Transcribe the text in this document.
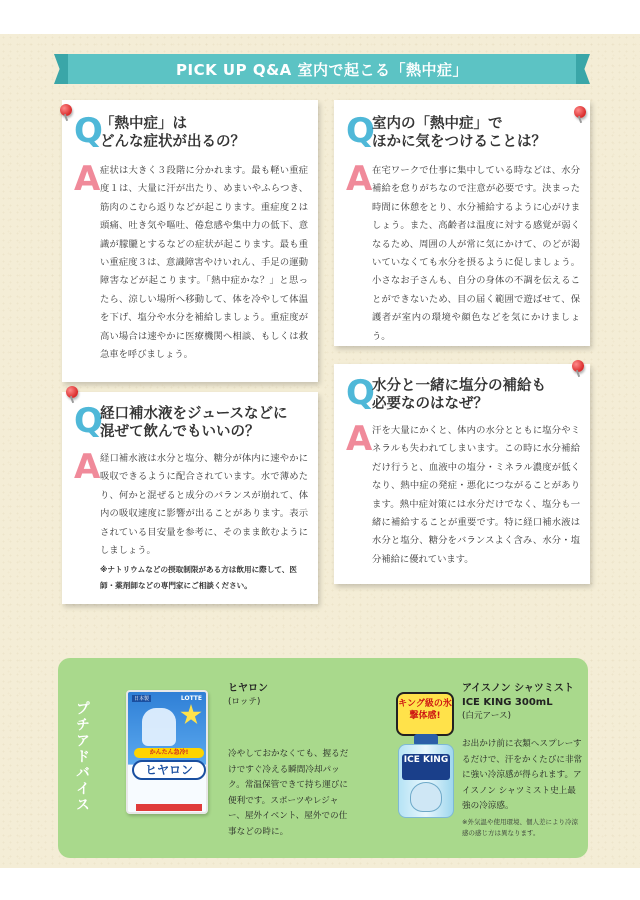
PICK UP Q&A 室内で起こる「熱中症」
Q
「熱中症」は
どんな症状が出るの？
A 症状は大きく３段階に分かれます。最も軽い重症度１は、大量に汗が出たり、めまいやふらつき、筋肉のこむら返りなどが起こります。重症度２は頭痛、吐き気や嘔吐、倦怠感や集中力の低下、意識が朦朧とするなどの症状が起こります。最も重い重症度３は、意識障害やけいれん、手足の運動障害などが起こります。「熱中症かな？」と思ったら、涼しい場所へ移動して、体を冷やして体温を下げ、塩分や水分を補給しましょう。重症度が高い場合は速やかに医療機関へ相談、もしくは救急車を呼びましょう。

Q
室内の「熱中症」で
ほかに気をつけることは？
A 在宅ワークで仕事に集中している時などは、水分補給を怠りがちなので注意が必要です。決まった時間に休憩をとり、水分補給するように心がけましょう。また、高齢者は温度に対する感覚が弱くなるため、周囲の人が常に気にかけて、のどが渇いていなくても水分を摂るように促しましょう。小さなお子さんも、自分の身体の不調を伝えることができないため、目の届く範囲で遊ばせて、保護者が室内の環境や顔色などを気にかけましょう。

Q
経口補水液をジュースなどに
混ぜて飲んでもいいの？
A 経口補水液は水分と塩分、糖分が体内に速やかに吸収できるように配合されています。水で薄めたり、何かと混ぜると成分のバランスが崩れて、体内の吸収速度に影響が出ることがあります。表示されている目安量を参考に、そのまま飲むようにしましょう。

※ナトリウムなどの摂取制限がある方は飲用に際して、医師・薬剤師などの専門家にご相談ください。

Q
水分と一緒に塩分の補給も
必要なのはなぜ？
A 汗を大量にかくと、体内の水分とともに塩分やミネラルも失われてしまいます。この時に水分補給だけ行うと、血液中の塩分・ミネラル濃度が低くなり、熱中症の発症・悪化につながることがあります。熱中症対策には水分だけでなく、塩分も一緒に補給することが重要です。特に経口補水液は水分と塩分、糖分をバランスよく含み、水分・塩分補給に優れています。

プチアドバイス
日本製	LOTTE
かんたん急冷!
ヒヤロン

ヒヤロン

(ロッテ)

冷やしておかなくても、握るだけですぐ冷える瞬間冷却パック。常温保管できて持ち運びに便利です。スポーツやレジャー、屋外イベント、屋外での仕事などの時に。

キング級の氷撃体感!
ICE KING

アイスノン シャツミスト

ICE KING 300mL

(白元アース)

お出かけ前に衣類へスプレーするだけで、汗をかくたびに非常に強い冷涼感が得られます。アイスノン シャツミスト史上最強の冷涼感。

※外気温や使用環境、個人差により冷涼感の感じ方は異なります。
